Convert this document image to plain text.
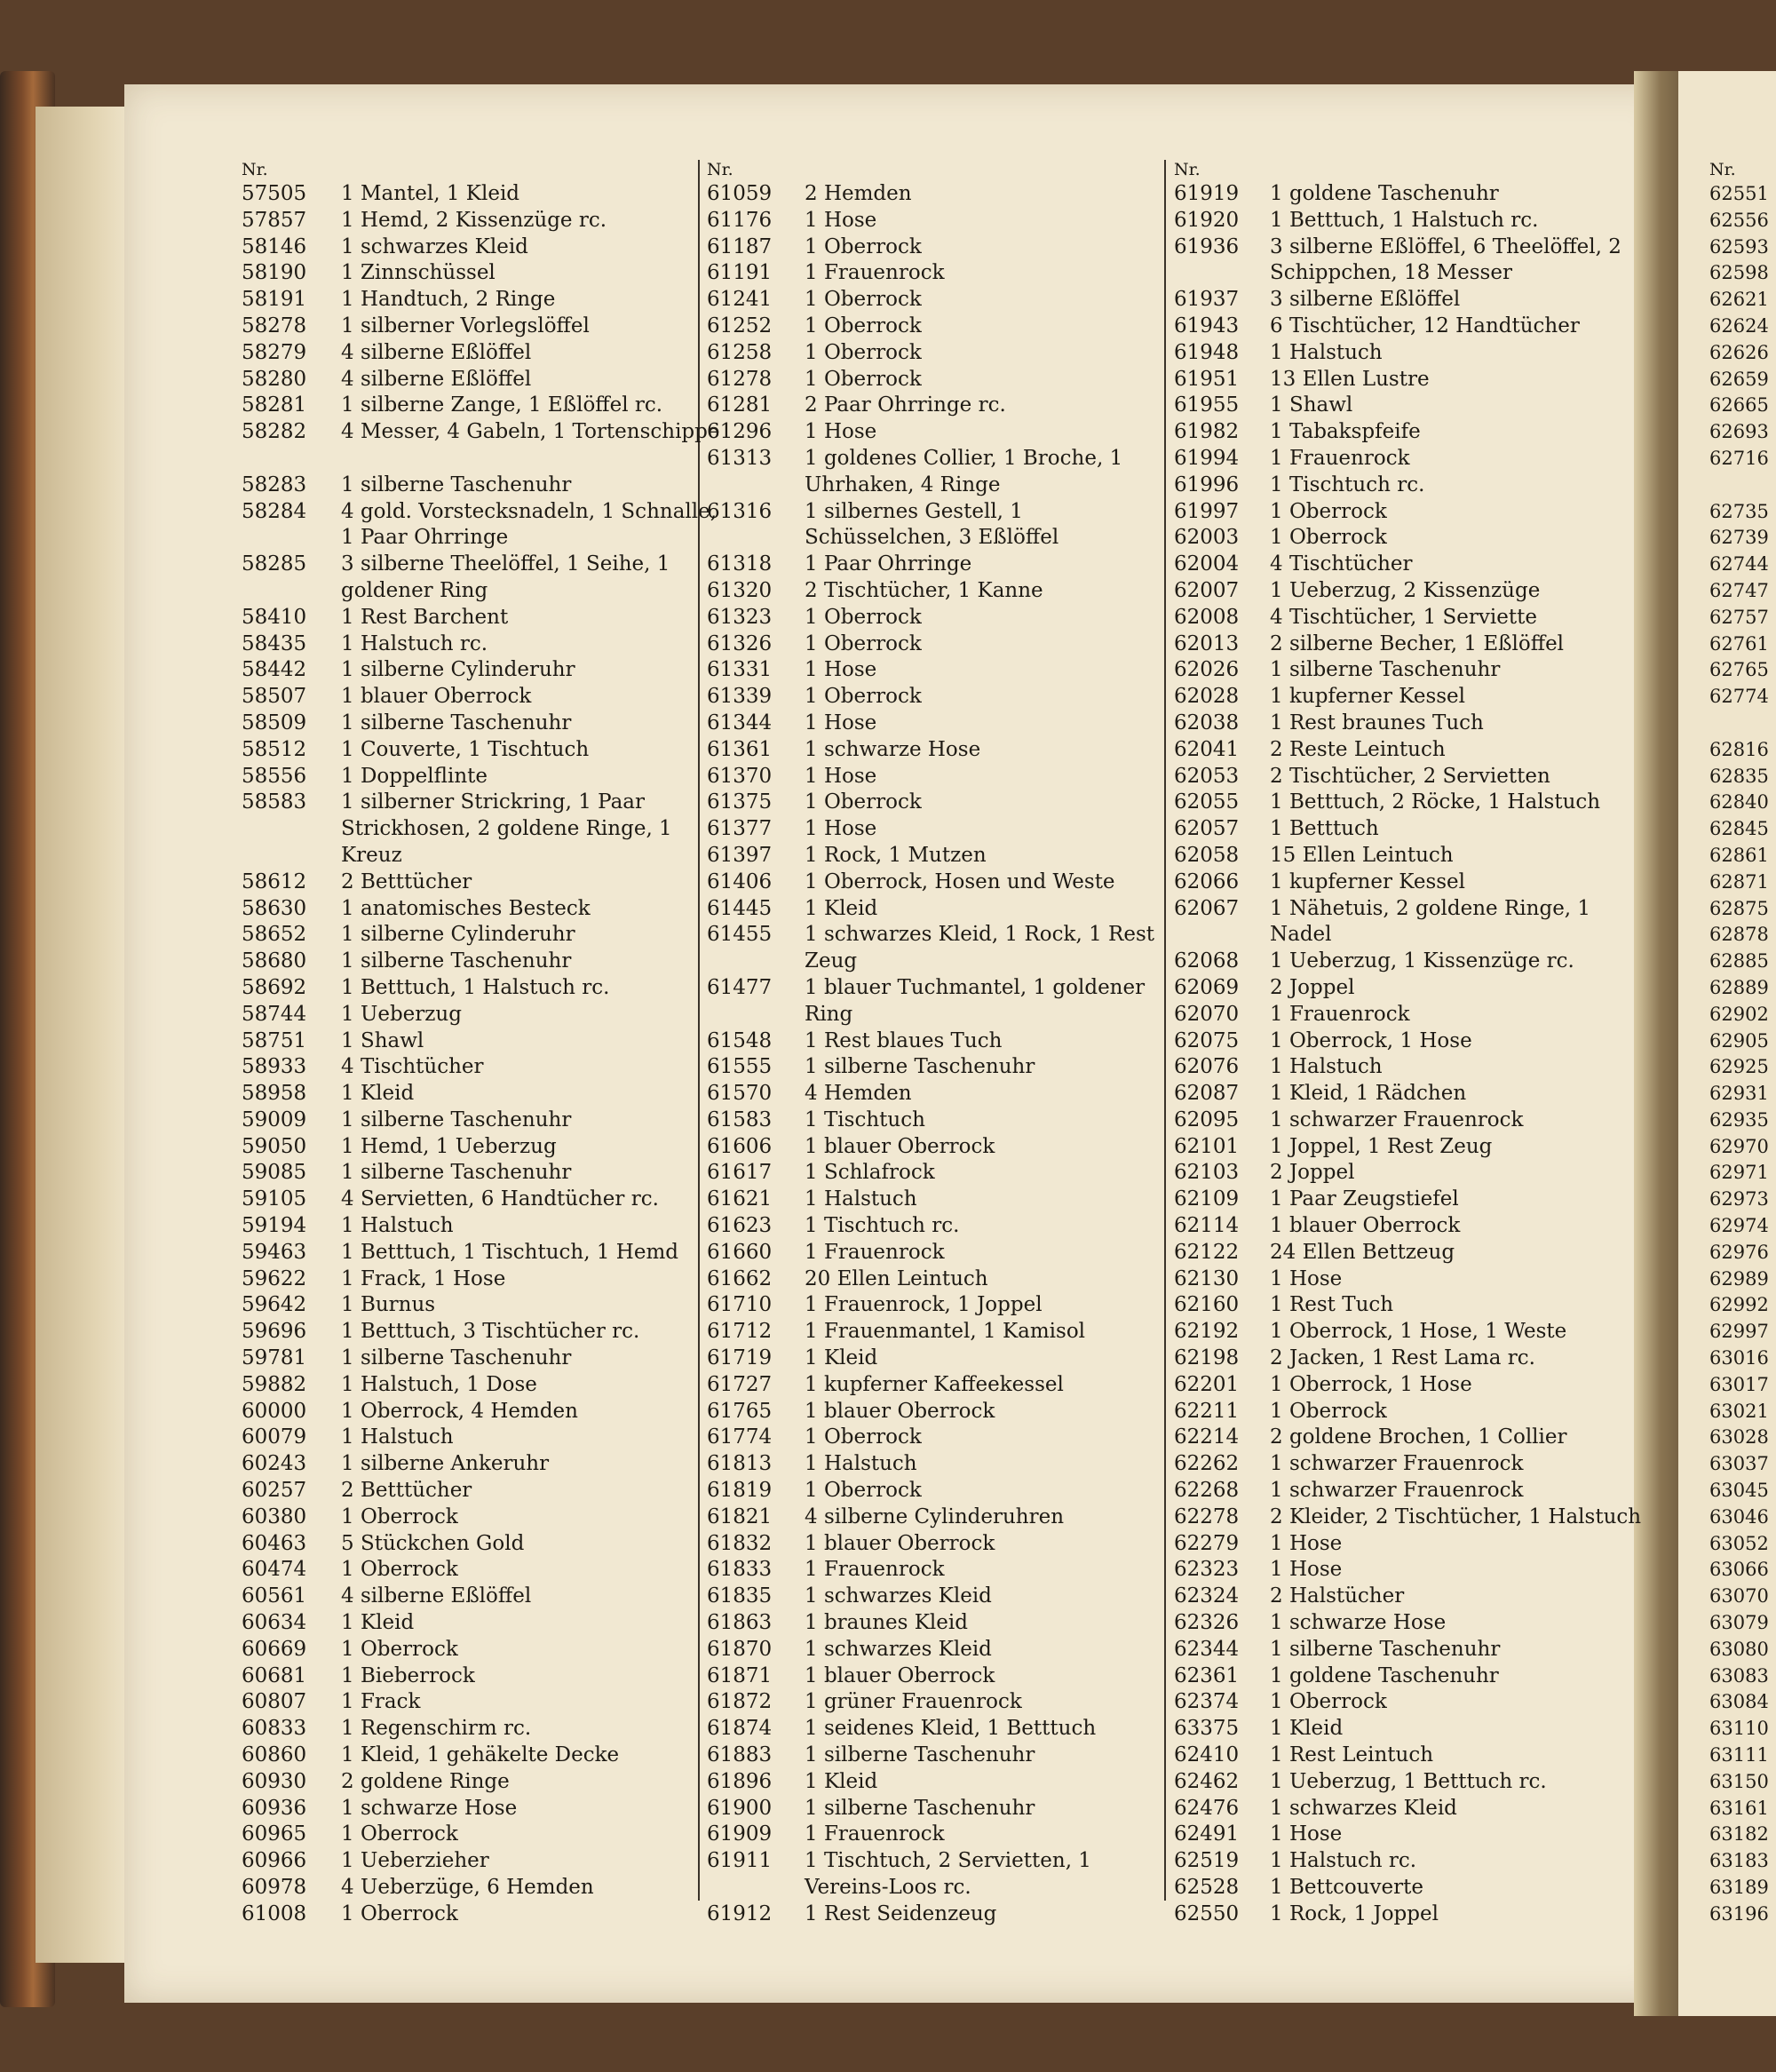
Nr.
57505	1 Mantel, 1 Kleid
57857	1 Hemd, 2 Kissenzüge rc.
58146	1 schwarzes Kleid
58190	1 Zinnschüssel
58191	1 Handtuch, 2 Ringe
58278	1 silberner Vorlegslöffel
58279	4 silberne Eßlöffel
58280	4 silberne Eßlöffel
58281	1 silberne Zange, 1 Eßlöffel rc.
58282	4 Messer, 4 Gabeln, 1 Tortenschippe
58283	1 silberne Taschenuhr
58284	4 gold. Vorstecksnadeln, 1 Schnalle, 1 Paar Ohrringe
58285	3 silberne Theelöffel, 1 Seihe, 1 goldener Ring
58410	1 Rest Barchent
58435	1 Halstuch rc.
58442	1 silberne Cylinderuhr
58507	1 blauer Oberrock
58509	1 silberne Taschenuhr
58512	1 Couverte, 1 Tischtuch
58556	1 Doppelflinte
58583	1 silberner Strickring, 1 Paar Strickhosen, 2 goldene Ringe, 1 Kreuz
58612	2 Betttücher
58630	1 anatomisches Besteck
58652	1 silberne Cylinderuhr
58680	1 silberne Taschenuhr
58692	1 Betttuch, 1 Halstuch rc.
58744	1 Ueberzug
58751	1 Shawl
58933	4 Tischtücher
58958	1 Kleid
59009	1 silberne Taschenuhr
59050	1 Hemd, 1 Ueberzug
59085	1 silberne Taschenuhr
59105	4 Servietten, 6 Handtücher rc.
59194	1 Halstuch
59463	1 Betttuch, 1 Tischtuch, 1 Hemd
59622	1 Frack, 1 Hose
59642	1 Burnus
59696	1 Betttuch, 3 Tischtücher rc.
59781	1 silberne Taschenuhr
59882	1 Halstuch, 1 Dose
60000	1 Oberrock, 4 Hemden
60079	1 Halstuch
60243	1 silberne Ankeruhr
60257	2 Betttücher
60380	1 Oberrock
60463	5 Stückchen Gold
60474	1 Oberrock
60561	4 silberne Eßlöffel
60634	1 Kleid
60669	1 Oberrock
60681	1 Bieberrock
60807	1 Frack
60833	1 Regenschirm rc.
60860	1 Kleid, 1 gehäkelte Decke
60930	2 goldene Ringe
60936	1 schwarze Hose
60965	1 Oberrock
60966	1 Ueberzieher
60978	4 Ueberzüge, 6 Hemden
61008	1 Oberrock
Nr.
61059	2 Hemden
61176	1 Hose
61187	1 Oberrock
61191	1 Frauenrock
61241	1 Oberrock
61252	1 Oberrock
61258	1 Oberrock
61278	1 Oberrock
61281	2 Paar Ohrringe rc.
61296	1 Hose
61313	1 goldenes Collier, 1 Broche, 1 Uhrhaken, 4 Ringe
61316	1 silbernes Gestell, 1 Schüsselchen, 3 Eßlöffel
61318	1 Paar Ohrringe
61320	2 Tischtücher, 1 Kanne
61323	1 Oberrock
61326	1 Oberrock
61331	1 Hose
61339	1 Oberrock
61344	1 Hose
61361	1 schwarze Hose
61370	1 Hose
61375	1 Oberrock
61377	1 Hose
61397	1 Rock, 1 Mutzen
61406	1 Oberrock, Hosen und Weste
61445	1 Kleid
61455	1 schwarzes Kleid, 1 Rock, 1 Rest Zeug
61477	1 blauer Tuchmantel, 1 goldener Ring
61548	1 Rest blaues Tuch
61555	1 silberne Taschenuhr
61570	4 Hemden
61583	1 Tischtuch
61606	1 blauer Oberrock
61617	1 Schlafrock
61621	1 Halstuch
61623	1 Tischtuch rc.
61660	1 Frauenrock
61662	20 Ellen Leintuch
61710	1 Frauenrock, 1 Joppel
61712	1 Frauenmantel, 1 Kamisol
61719	1 Kleid
61727	1 kupferner Kaffeekessel
61765	1 blauer Oberrock
61774	1 Oberrock
61813	1 Halstuch
61819	1 Oberrock
61821	4 silberne Cylinderuhren
61832	1 blauer Oberrock
61833	1 Frauenrock
61835	1 schwarzes Kleid
61863	1 braunes Kleid
61870	1 schwarzes Kleid
61871	1 blauer Oberrock
61872	1 grüner Frauenrock
61874	1 seidenes Kleid, 1 Betttuch
61883	1 silberne Taschenuhr
61896	1 Kleid
61900	1 silberne Taschenuhr
61909	1 Frauenrock
61911	1 Tischtuch, 2 Servietten, 1 Vereins-Loos rc.
61912	1 Rest Seidenzeug
Nr.
61919	1 goldene Taschenuhr
61920	1 Betttuch, 1 Halstuch rc.
61936	3 silberne Eßlöffel, 6 Theelöffel, 2 Schippchen, 18 Messer
61937	3 silberne Eßlöffel
61943	6 Tischtücher, 12 Handtücher
61948	1 Halstuch
61951	13 Ellen Lustre
61955	1 Shawl
61982	1 Tabakspfeife
61994	1 Frauenrock
61996	1 Tischtuch rc.
61997	1 Oberrock
62003	1 Oberrock
62004	4 Tischtücher
62007	1 Ueberzug, 2 Kissenzüge
62008	4 Tischtücher, 1 Serviette
62013	2 silberne Becher, 1 Eßlöffel
62026	1 silberne Taschenuhr
62028	1 kupferner Kessel
62038	1 Rest braunes Tuch
62041	2 Reste Leintuch
62053	2 Tischtücher, 2 Servietten
62055	1 Betttuch, 2 Röcke, 1 Halstuch
62057	1 Betttuch
62058	15 Ellen Leintuch
62066	1 kupferner Kessel
62067	1 Nähetuis, 2 goldene Ringe, 1 Nadel
62068	1 Ueberzug, 1 Kissenzüge rc.
62069	2 Joppel
62070	1 Frauenrock
62075	1 Oberrock, 1 Hose
62076	1 Halstuch
62087	1 Kleid, 1 Rädchen
62095	1 schwarzer Frauenrock
62101	1 Joppel, 1 Rest Zeug
62103	2 Joppel
62109	1 Paar Zeugstiefel
62114	1 blauer Oberrock
62122	24 Ellen Bettzeug
62130	1 Hose
62160	1 Rest Tuch
62192	1 Oberrock, 1 Hose, 1 Weste
62198	2 Jacken, 1 Rest Lama rc.
62201	1 Oberrock, 1 Hose
62211	1 Oberrock
62214	2 goldene Brochen, 1 Collier
62262	1 schwarzer Frauenrock
62268	1 schwarzer Frauenrock
62278	2 Kleider, 2 Tischtücher, 1 Halstuch
62279	1 Hose
62323	1 Hose
62324	2 Halstücher
62326	1 schwarze Hose
62344	1 silberne Taschenuhr
62361	1 goldene Taschenuhr
62374	1 Oberrock
63375	1 Kleid
62410	1 Rest Leintuch
62462	1 Ueberzug, 1 Betttuch rc.
62476	1 schwarzes Kleid
62491	1 Hose
62519	1 Halstuch rc.
62528	1 Bettcouverte
62550	1 Rock, 1 Joppel
Nr.
62551
62556
62593
62598
62621
62624
62626
62659
62665
62693
62716
62735
62739
62744
62747
62757
62761
62765
62774
62816
62835
62840
62845
62861
62871
62875
62878
62885
62889
62902
62905
62925
62931
62935
62970
62971
62973
62974
62976
62989
62992
62997
63016
63017
63021
63028
63037
63045
63046
63052
63066
63070
63079
63080
63083
63084
63110
63111
63150
63161
63182
63183
63189
63196
